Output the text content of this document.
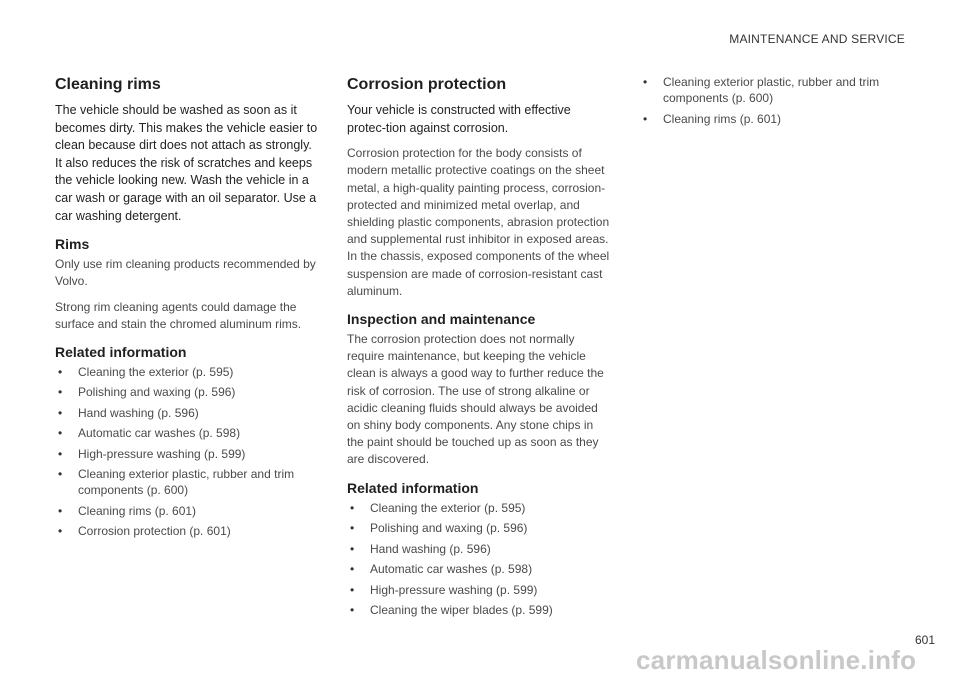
MAINTENANCE AND SERVICE
Cleaning rims

The vehicle should be washed as soon as it becomes dirty. This makes the vehicle easier to clean because dirt does not attach as strongly. It also reduces the risk of scratches and keeps the vehicle looking new. Wash the vehicle in a car wash or garage with an oil separator. Use a car washing detergent.

Rims

Only use rim cleaning products recommended by Volvo.

Strong rim cleaning agents could damage the surface and stain the chromed aluminum rims.

Related information
• Cleaning the exterior (p. 595)
• Polishing and waxing (p. 596)
• Hand washing (p. 596)
• Automatic car washes (p. 598)
• High-pressure washing (p. 599)
• Cleaning exterior plastic, rubber and trim components (p. 600)
• Cleaning rims (p. 601)
• Corrosion protection (p. 601)
Corrosion protection

Your vehicle is constructed with effective protec-tion against corrosion.

Corrosion protection for the body consists of modern metallic protective coatings on the sheet metal, a high-quality painting process, corrosion-protected and minimized metal overlap, and shielding plastic components, abrasion protection and supplemental rust inhibitor in exposed areas. In the chassis, exposed components of the wheel suspension are made of corrosion-resistant cast aluminum.

Inspection and maintenance

The corrosion protection does not normally require maintenance, but keeping the vehicle clean is always a good way to further reduce the risk of corrosion. The use of strong alkaline or acidic cleaning fluids should always be avoided on shiny body components. Any stone chips in the paint should be touched up as soon as they are discovered.

Related information
• Cleaning the exterior (p. 595)
• Polishing and waxing (p. 596)
• Hand washing (p. 596)
• Automatic car washes (p. 598)
• High-pressure washing (p. 599)
• Cleaning the wiper blades (p. 599)
• Cleaning exterior plastic, rubber and trim components (p. 600)
• Cleaning rims (p. 601)
601
carmanualsonline.info
